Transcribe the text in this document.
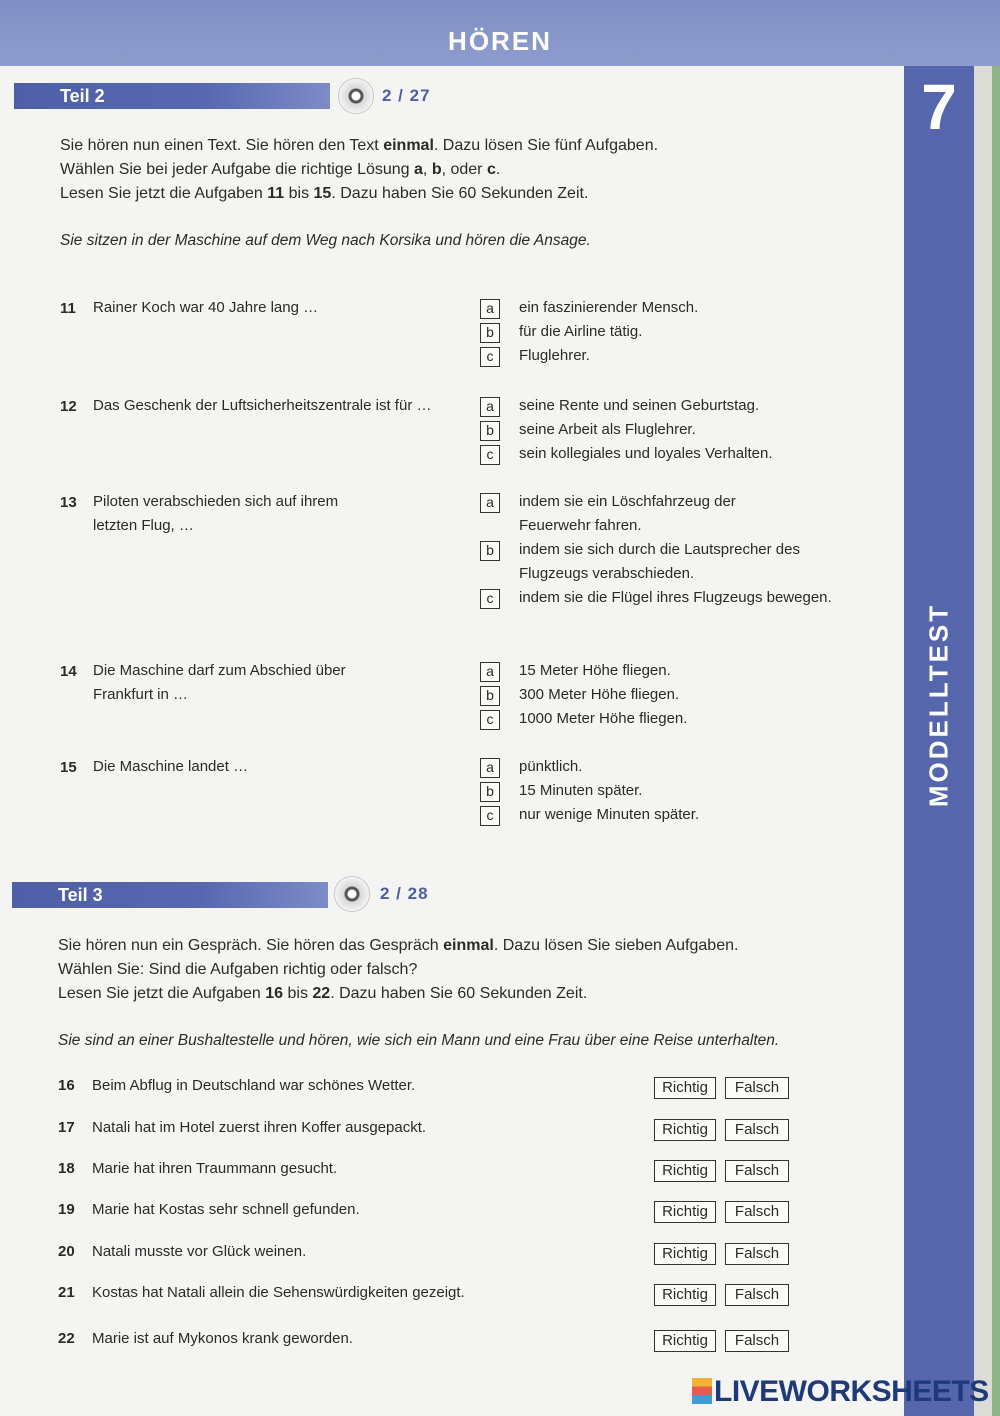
HÖREN
7
MODELLTEST
Teil 2	2 / 27

Sie hören nun einen Text. Sie hören den Text einmal. Dazu lösen Sie fünf Aufgaben.

Wählen Sie bei jeder Aufgabe die richtige Lösung a, b, oder c.

Lesen Sie jetzt die Aufgaben 11 bis 15. Dazu haben Sie 60 Sekunden Zeit.

Sie sitzen in der Maschine auf dem Weg nach Korsika und hören die Ansage.
11 Rainer Koch war 40 Jahre lang …	a	ein faszinierender Mensch.
b	für die Airline tätig.
c	Fluglehrer.
12 Das Geschenk der Luftsicherheitszentrale ist für …	a	seine Rente und seinen Geburtstag.
b	seine Arbeit als Fluglehrer.
c	sein kollegiales und loyales Verhalten.
13 Piloten verabschieden sich auf ihrem
letzten Flug, …
a	indem sie ein Löschfahrzeug der
Feuerwehr fahren.
b	indem sie sich durch die Lautsprecher des
Flugzeugs verabschieden.
c	indem sie die Flügel ihres Flugzeugs bewegen.
14 Die Maschine darf zum Abschied über
Frankfurt in …
a	15 Meter Höhe fliegen.
b	300 Meter Höhe fliegen.
c	1000 Meter Höhe fliegen.
15 Die Maschine landet …	a	pünktlich.
b	15 Minuten später.
c	nur wenige Minuten später.
Teil 3	2 / 28

Sie hören nun ein Gespräch. Sie hören das Gespräch einmal. Dazu lösen Sie sieben Aufgaben.

Wählen Sie: Sind die Aufgaben richtig oder falsch?

Lesen Sie jetzt die Aufgaben 16 bis 22. Dazu haben Sie 60 Sekunden Zeit.

Sie sind an einer Bushaltestelle und hören, wie sich ein Mann und eine Frau über eine Reise unterhalten.
16 Beim Abflug in Deutschland war schönes Wetter.	Richtig	Falsch
17 Natali hat im Hotel zuerst ihren Koffer ausgepackt.	Richtig	Falsch
18 Marie hat ihren Traummann gesucht.	Richtig	Falsch
19 Marie hat Kostas sehr schnell gefunden.	Richtig	Falsch
20 Natali musste vor Glück weinen.	Richtig	Falsch
21 Kostas hat Natali allein die Sehenswürdigkeiten gezeigt.	Richtig	Falsch
22 Marie ist auf Mykonos krank geworden.	Richtig	Falsch
LIVEWORKSHEETS
